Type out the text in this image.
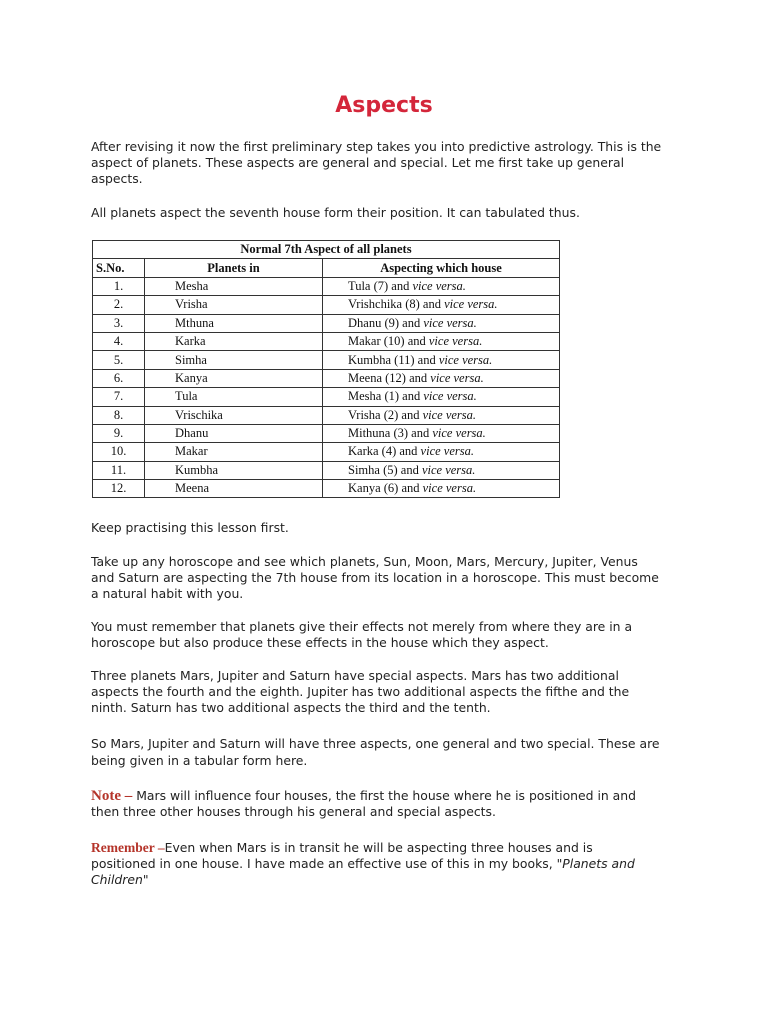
Aspects
After revising it now the first preliminary step takes you into predictive astrology. This is the
aspect of planets. These aspects are general and special. Let me first take up general
aspects.
All planets aspect the seventh house form their position. It can tabulated thus.
Normal 7th Aspect of all planets		
S.No.	Planets in	Aspecting which house
1.	Mesha	Tula (7) and vice versa.
2.	Vrisha	Vrishchika (8) and vice versa.
3.	Mthuna	Dhanu (9) and vice versa.
4.	Karka	Makar (10) and vice versa.
5.	Simha	Kumbha (11) and vice versa.
6.	Kanya	Meena (12) and vice versa.
7.	Tula	Mesha (1) and vice versa.
8.	Vrischika	Vrisha (2) and vice versa.
9.	Dhanu	Mithuna (3) and vice versa.
10.	Makar	Karka (4) and vice versa.
11.	Kumbha	Simha (5) and vice versa.
12.	Meena	Kanya (6) and vice versa.
Keep practising this lesson first.
Take up any horoscope and see which planets, Sun, Moon, Mars, Mercury, Jupiter, Venus
and Saturn are aspecting the 7th house from its location in a horoscope. This must become
a natural habit with you.
You must remember that planets give their effects not merely from where they are in a
horoscope but also produce these effects in the house which they aspect.
Three planets Mars, Jupiter and Saturn have special aspects. Mars has two additional
aspects the fourth and the eighth. Jupiter has two additional aspects the fifthe and the
ninth. Saturn has two additional aspects the third and the tenth.
So Mars, Jupiter and Saturn will have three aspects, one general and two special. These are
being given in a tabular form here.
Note – Mars will influence four houses, the first the house where he is positioned in and
then three other houses through his general and special aspects.
Remember –Even when Mars is in transit he will be aspecting three houses and is
positioned in one house. I have made an effective use of this in my books, "Planets and
Children"
